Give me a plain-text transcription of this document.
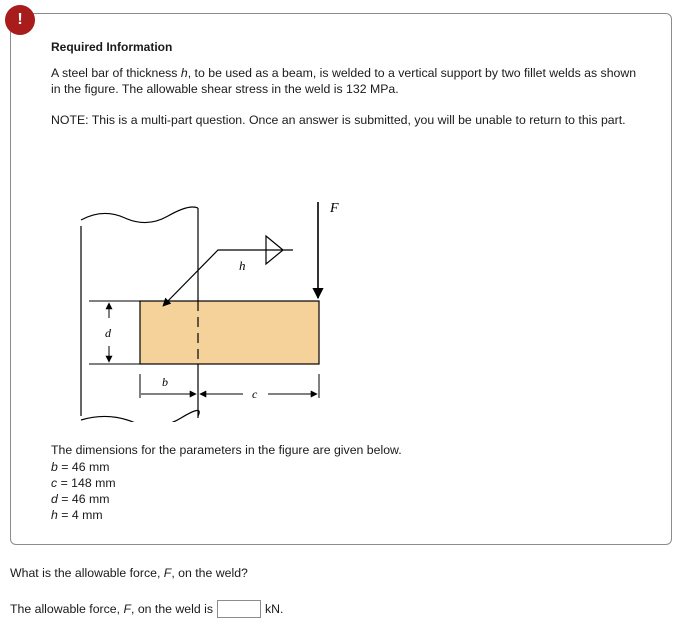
!
Required Information
A steel bar of thickness h, to be used as a beam, is welded to a vertical support by two fillet welds as shown in the figure. The allowable shear stress in the weld is 132 MPa.
NOTE: This is a multi-part question. Once an answer is submitted, you will be unable to return to this part.
h
F
d
b
c
The dimensions for the parameters in the figure are given below.
b = 46 mm
c = 148 mm
d = 46 mm
h = 4 mm
What is the allowable force, F, on the weld?
The allowable force, F, on the weld is	kN.
